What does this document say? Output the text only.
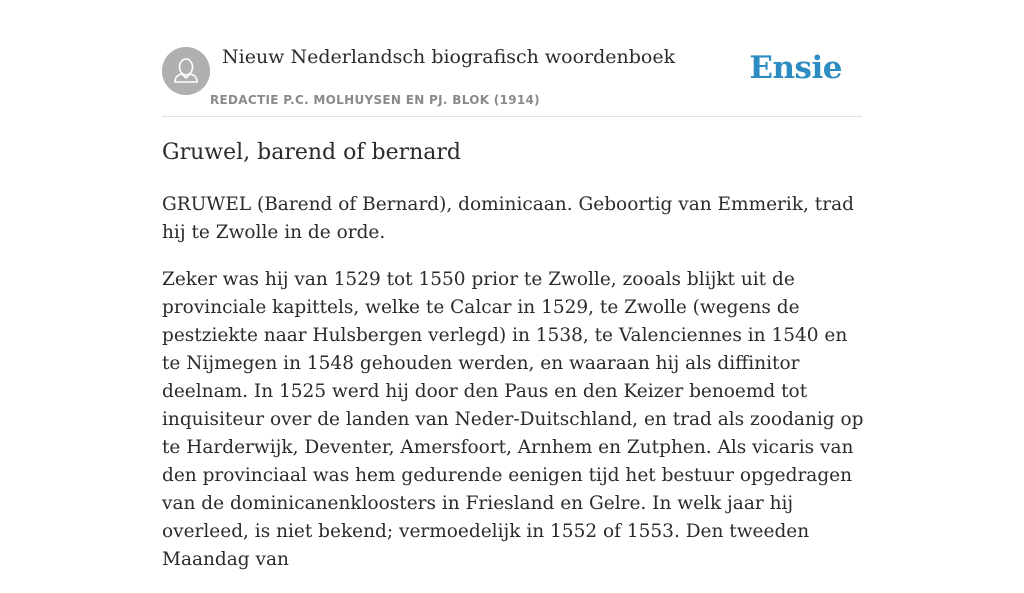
Nieuw Nederlandsch biografisch woordenboek
REDACTIE P.C. MOLHUYSEN EN PJ. BLOK (1914)
Ensie
Gruwel, barend of bernard

GRUWEL (Barend of Bernard), dominicaan. Geboortig van Emmerik, trad hij te Zwolle in de orde.

Zeker was hij van 1529 tot 1550 prior te Zwolle, zooals blijkt uit de provinciale kapittels, welke te Calcar in 1529, te Zwolle (wegens de pestziekte naar Hulsbergen verlegd) in 1538, te Valenciennes in 1540 en te Nijmegen in 1548 gehouden werden, en waaraan hij als diffinitor deelnam. In 1525 werd hij door den Paus en den Keizer benoemd tot inquisiteur over de landen van Neder-Duitschland, en trad als zoodanig op te Harderwijk, Deventer, Amersfoort, Arnhem en Zutphen. Als vicaris van den provinciaal was hem gedurende eenigen tijd het bestuur opgedragen van de dominicanenkloosters in Friesland en Gelre. In welk jaar hij overleed, is niet bekend; vermoedelijk in 1552 of 1553. Den tweeden Maandag van
